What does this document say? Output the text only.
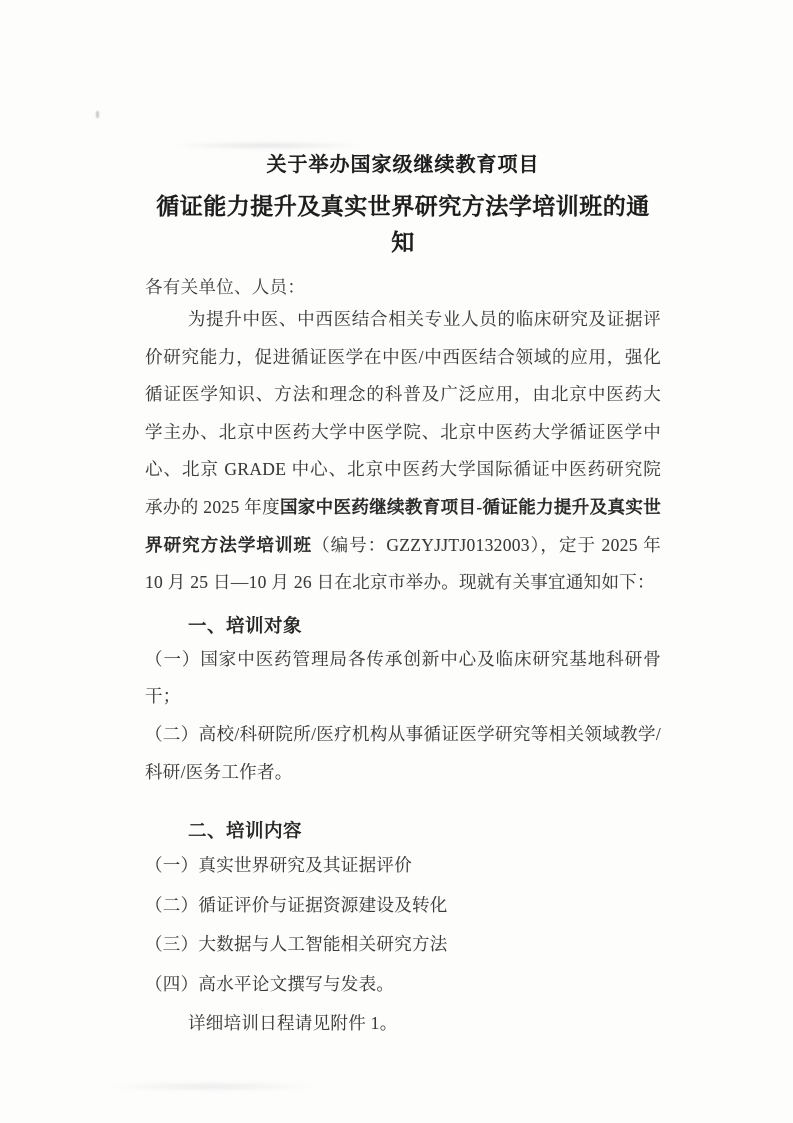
关于举办国家级继续教育项目
循证能力提升及真实世界研究方法学培训班的通知

各有关单位、人员：

为提升中医、中西医结合相关专业人员的临床研究及证据评价研究能力，促进循证医学在中医/中西医结合领域的应用，强化循证医学知识、方法和理念的科普及广泛应用，由北京中医药大学主办、北京中医药大学中医学院、北京中医药大学循证医学中心、北京 GRADE 中心、北京中医药大学国际循证中医药研究院承办的 2025 年度国家中医药继续教育项目-循证能力提升及真实世界研究方法学培训班（编号：GZZYJJTJ0132003），定于 2025 年 10 月 25 日—10 月 26 日在北京市举办。现就有关事宜通知如下：

一、培训对象

（一）国家中医药管理局各传承创新中心及临床研究基地科研骨干；

（二）高校/科研院所/医疗机构从事循证医学研究等相关领域教学/科研/医务工作者。

二、培训内容

（一）真实世界研究及其证据评价

（二）循证评价与证据资源建设及转化

（三）大数据与人工智能相关研究方法

（四）高水平论文撰写与发表。

详细培训日程请见附件 1。
